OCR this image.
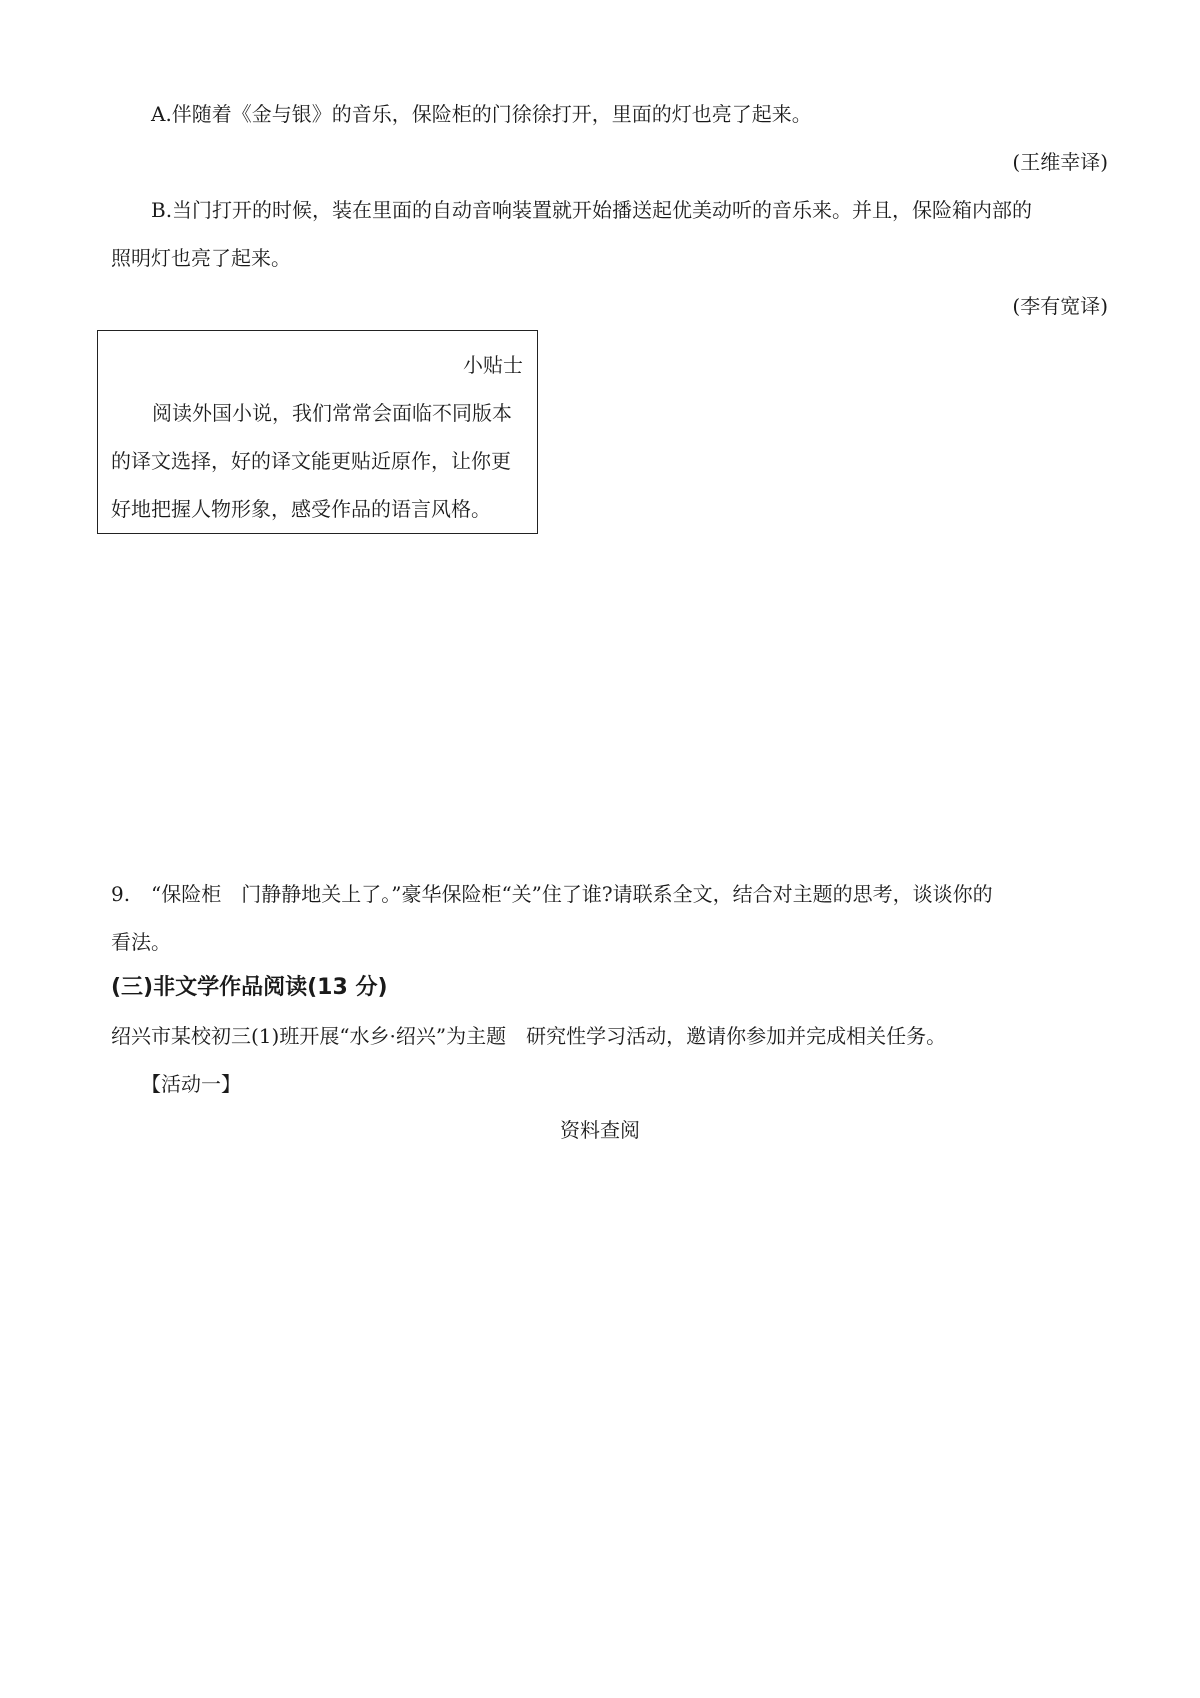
A.伴随着《金与银》的音乐，保险柜的门徐徐打开，里面的灯也亮了起来。
(王维幸译)
B.当门打开的时候，装在里面的自动音响装置就开始播送起优美动听的音乐来。并且，保险箱内部的
照明灯也亮了起来。
(李有宽译)
小贴士
阅读外国小说，我们常常会面临不同版本
的译文选择，好的译文能更贴近原作，让你更
好地把握人物形象，感受作品的语言风格。
9. “保险柜　门静静地关上了。”豪华保险柜“关”住了谁?请联系全文，结合对主题的思考，谈谈你的
看法。
(三)非文学作品阅读(13 分)
绍兴市某校初三(1)班开展“水乡·绍兴”为主题　研究性学习活动，邀请你参加并完成相关任务。
【活动一】
资料查阅
